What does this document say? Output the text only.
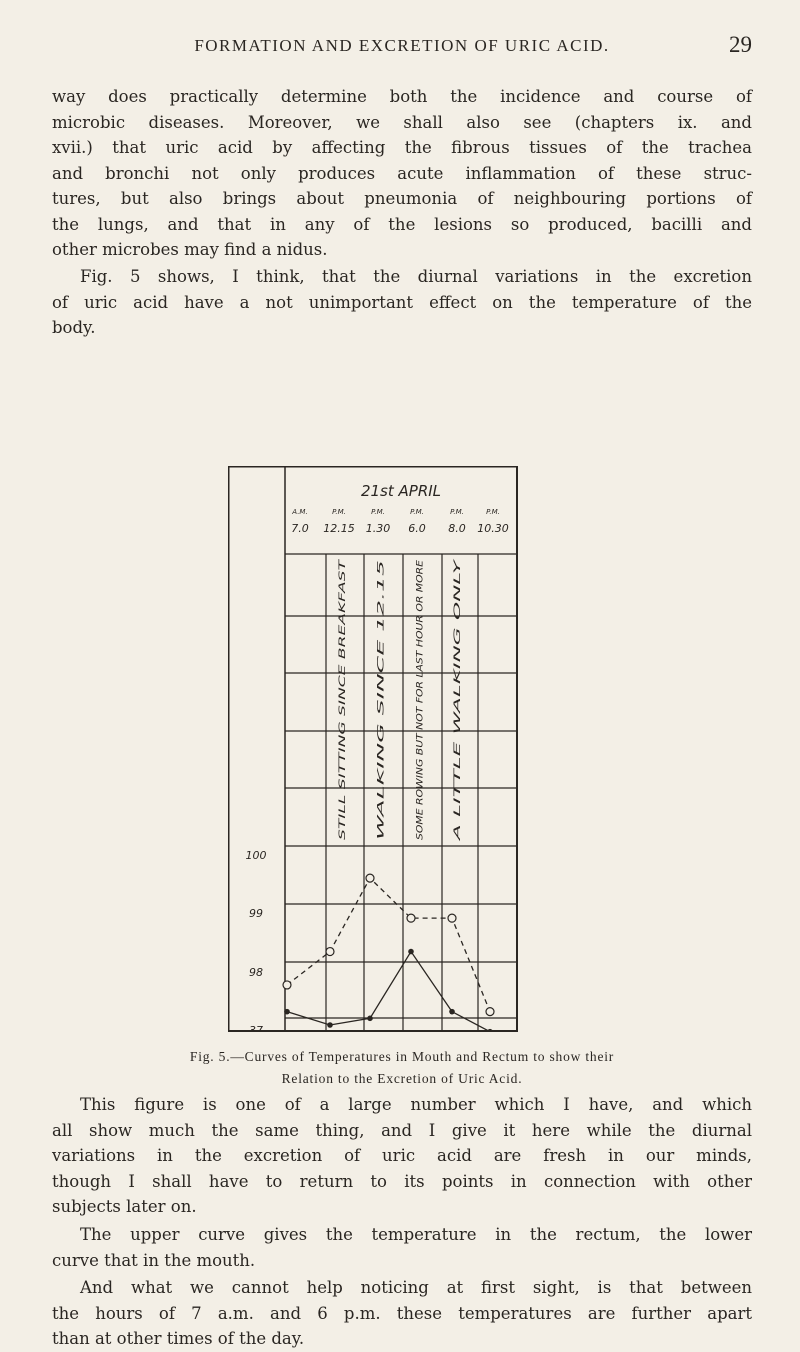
FORMATION AND EXCRETION OF URIC ACID.	29
way does practically determine both the incidence and course of
microbic diseases. Moreover, we shall also see (chapters ix. and
xvii.) that uric acid by affecting the fibrous tissues of the trachea
and bronchi not only produces acute inflammation of these struc-
tures, but also brings about pneumonia of neighbouring portions of
the lungs, and that in any of the lesions so produced, bacilli and
other microbes may find a nidus.
Fig. 5 shows, I think, that the diurnal variations in the excretion
of uric acid have a not unimportant effect on the temperature of the
body.
21st APRIL
A.M.
7.0
P.M.
12.15
P.M.
1.30
P.M.
6.0
P.M.
8.0
P.M.
10.30
100
99
98
37
STILL SITTING SINCE BREAKFAST	WALKING SINCE 12.15	SOME ROWING BUT NOT FOR LAST HOUR OR MORE	A LITTLE WALKING ONLY
Fig. 5.—Curves of Temperatures in Mouth and Rectum to show their
Relation to the Excretion of Uric Acid.
This figure is one of a large number which I have, and which
all show much the same thing, and I give it here while the diurnal
variations in the excretion of uric acid are fresh in our minds,
though I shall have to return to its points in connection with other
subjects later on.
The upper curve gives the temperature in the rectum, the lower
curve that in the mouth.
And what we cannot help noticing at first sight, is that between
the hours of 7 a.m. and 6 p.m. these temperatures are further apart
than at other times of the day.
